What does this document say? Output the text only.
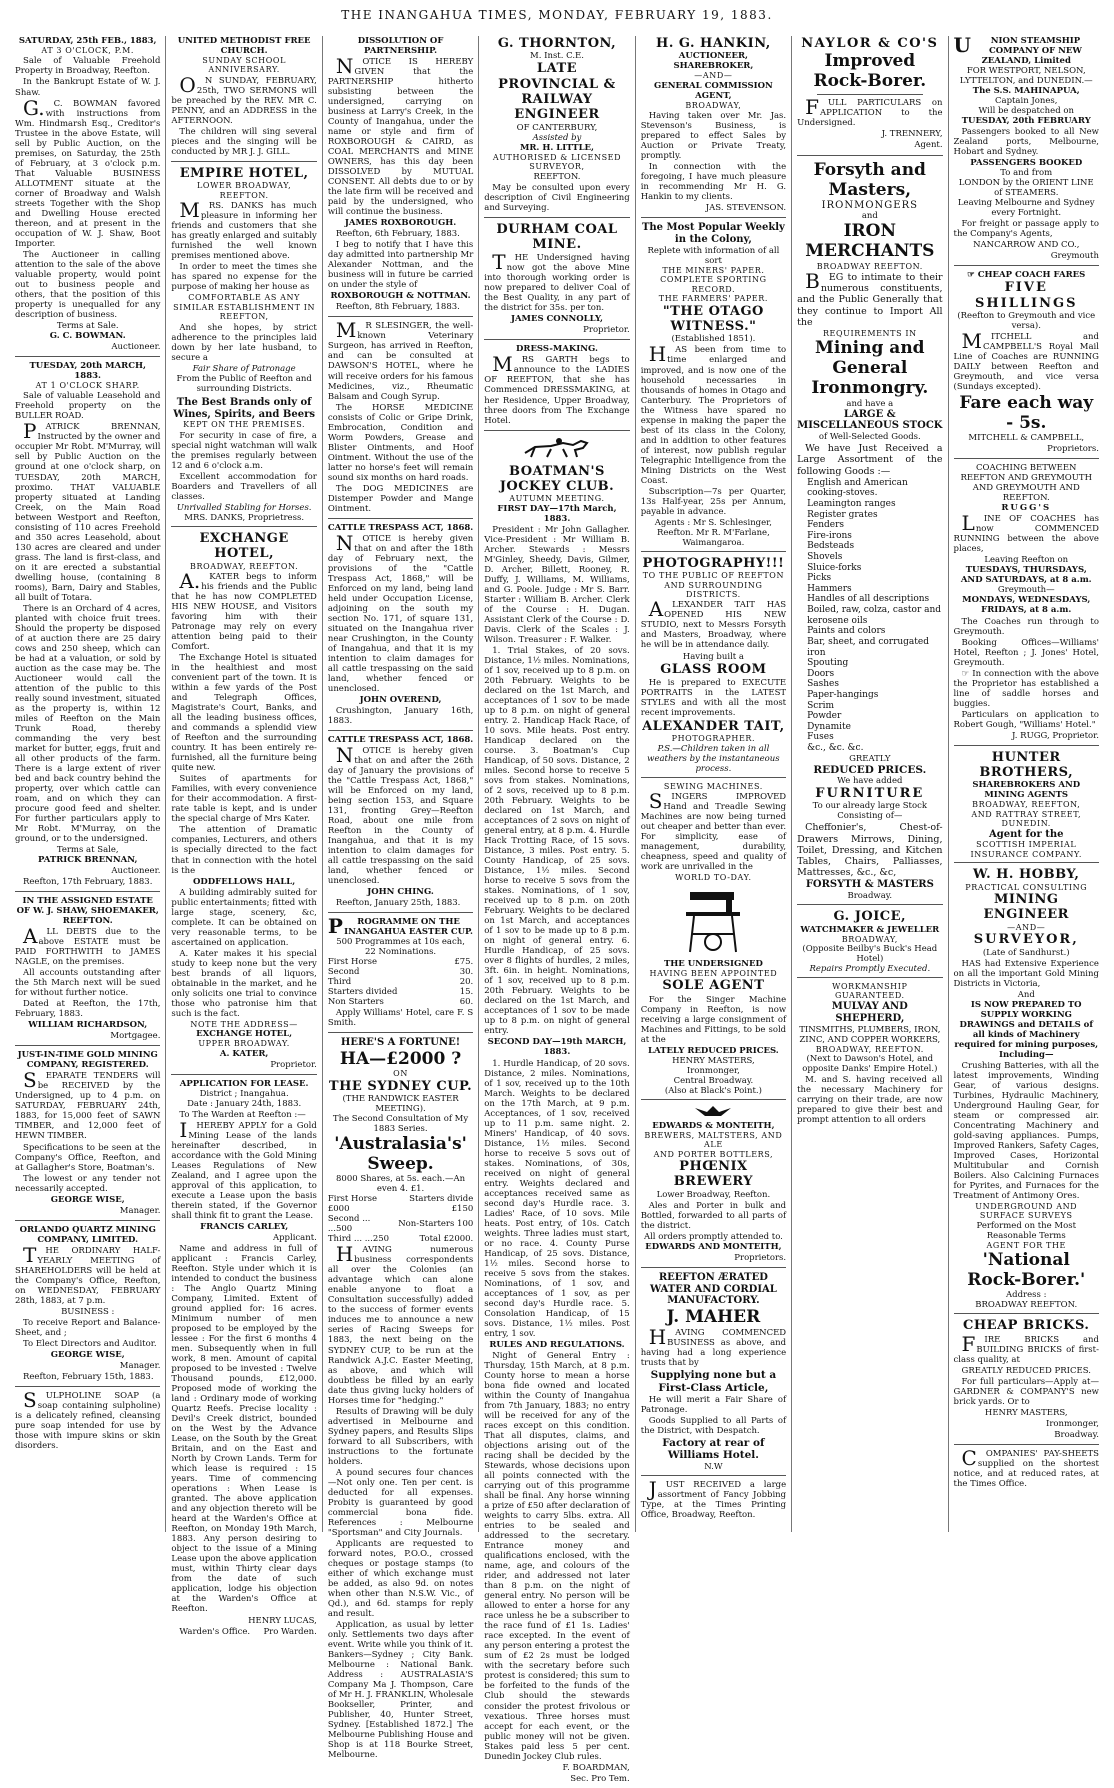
THE INANGAHUA TIMES, MONDAY, FEBRUARY 19, 1883.

SATURDAY, 25th FEB., 1883,

AT 3 O'CLOCK, P.M.

Sale of Valuable Freehold Property in Broadway, Reefton.

In the Bankrupt Estate of W. J. Shaw.

G.C. BOWMAN favored with instructions from Wm. Hindmarsh Esq., Creditor's Trustee in the above Estate, will sell by Public Auction, on the premises, on Saturday, the 25th of February, at 3 o'clock p.m. That Valuable BUSINESS ALLOTMENT situate at the corner of Broadway and Walsh streets Together with the Shop and Dwelling House erected thereon, and at present in the occupation of W. J. Shaw, Boot Importer.

The Auctioneer in calling attention to the sale of the above valuable property, would point out to business people and others, that the position of this property is unequalled for any description of business.

Terms at Sale.

G. C. BOWMAN.

Auctioneer.

TUESDAY, 20th MARCH, 1883.

AT 1 O'CLOCK SHARP.

Sale of valuable Leasehold and Freehold property on the BULLER ROAD.

PATRICK BRENNAN, Instructed by the owner and occupier Mr Robt. M'Murray, will sell by Public Auction on the ground at one o'clock sharp, on TUESDAY, 20th MARCH, proximo. THAT VALUABLE property situated at Landing Creek, on the Main Road between Westport and Reefton, consisting of 110 acres Freehold and 350 acres Leasehold, about 130 acres are cleared and under grass. The land is first-class, and on it are erected a substantial dwelling house, (containing 8 rooms), Barn, Dairy and Stables, all built of Totara.

There is an Orchard of 4 acres, planted with choice fruit trees. Should the property be disposed of at auction there are 25 dairy cows and 250 sheep, which can be had at a valuation, or sold by auction as the case may be. The Auctioneer would call the attention of the public to this really sound investment, situated as the property is, within 12 miles of Reefton on the Main Trunk Road, thereby commanding the very best market for butter, eggs, fruit and all other products of the farm. There is a large extent of river bed and back country behind the property, over which cattle can roam, and on which they can procure good feed and shelter. For further particulars apply to Mr Robt. M'Murray, on the ground, or to the undersigned.

Terms at Sale,

PATRICK BRENNAN,

Auctioneer.

Reefton, 17th February, 1883.

IN THE ASSIGNED ESTATE OF W. J. SHAW, SHOEMAKER, REEFTON.

ALL DEBTS due to the above ESTATE must be PAID FORTHWITH to JAMES NAGLE, on the premises.

All accounts outstanding after the 5th March next will be sued for without further notice.

Dated at Reefton, the 17th, February, 1883.

WILLIAM RICHARDSON,

Mortgagee.

JUST-IN-TIME GOLD MINING COMPANY, REGISTERED.

SEPARATE TENDERS will be RECEIVED by the Undersigned, up to 4 p.m. on SATURDAY, FEBRUARY 24th, 1883, for 15,000 feet of SAWN TIMBER, and 12,000 feet of HEWN TIMBER.

Specifications to be seen at the Company's Office, Reefton, and at Gallagher's Store, Boatman's.

The lowest or any tender not necessarily accepted.

GEORGE WISE,

Manager.

ORLANDO QUARTZ MINING COMPANY, LIMITED.

THE ORDINARY HALF-YEARLY MEETING of SHAREHOLDERS will be held at the Company's Office, Reefton, on WEDNESDAY, FEBRUARY 28th, 1883, at 7 p.m.

BUSINESS :

To receive Report and Balance-Sheet, and ;

To Elect Directors and Auditor.

GEORGE WISE,

Manager.

Reefton, February 15th, 1883.

SULPHOLINE SOAP (a soap containing sulpholine) is a delicately refined, cleansing pure soap intended for use by those with impure skins or skin disorders.

UNITED METHODIST FREE CHURCH.

SUNDAY SCHOOL ANNIVERSARY.

ON SUNDAY, FEBRUARY, 25th, TWO SERMONS will be preached by the REV. MR C. PENNY, and an ADDRESS in the AFTERNOON.

The children will sing several pieces and the singing will be conducted by MR J. J. GILL.

EMPIRE HOTEL,

LOWER BROADWAY, REEFTON.

MRS. DANKS has much pleasure in informing her friends and customers that she has greatly enlarged and suitably furnished the well known premises mentioned above.

In order to meet the times she has spared no expense for the purpose of making her house as

COMFORTABLE AS ANY SIMILAR ESTABLISHMENT IN REEFTON,

And she hopes, by strict adherence to the principles laid down by her late husband, to secure a

Fair Share of Patronage

From the Public of Reefton and surrounding Districts.

The Best Brands only of Wines, Spirits, and Beers

KEPT ON THE PREMISES.

For security in case of fire, a special night watchman will walk the premises regularly between 12 and 6 o'clock a.m.

Excellent accommodation for Boarders and Travellers of all classes.

Unrivalled Stabling for Horses.

MRS. DANKS, Proprietress.

EXCHANGE HOTEL,

BROADWAY, REEFTON.

A.KATER begs to inform his friends and the Public that he has now COMPLETED HIS NEW HOUSE, and Visitors favoring him with their Patronage may rely on every attention being paid to their Comfort.

The Exchange Hotel is situated in the healthiest and most convenient part of the town. It is within a few yards of the Post and Telegraph Offices, Magistrate's Court, Banks, and all the leading business offices, and commands a splendid view of Reefton and the surrounding country. It has been entirely re-furnished, all the furniture being quite new.

Suites of apartments for Families, with every convenience for their accommodation. A first-rate table is kept, and is under the special charge of Mrs Kater.

The attention of Dramatic companies, Lecturers, and others is specially directed to the fact that in connection with the hotel is the

ODDFELLOWS HALL,

A building admirably suited for public entertainments; fitted with large stage, scenery, &c, complete. It can be obtained on very reasonable terms, to be ascertained on application.

A. Kater makes it his special study to keep none but the very best brands of all liquors, obtainable in the market, and he only solicits one trial to convince those who patronise him that such is the fact.

NOTE THE ADDRESS—

EXCHANGE HOTEL,

UPPER BROADWAY.

A. KATER,

Proprietor.

APPLICATION FOR LEASE.

District ; Inangahua.

Date : January 24th, 1883.

To The Warden at Reefton :—

IHEREBY APPLY for a Gold Mining Lease of the lands hereinafter described, in accordance with the Gold Mining Leases Regulations of New Zealand, and I agree upon the approval of this application, to execute a Lease upon the basis therein stated, if the Governor shall think fit to grant the Lease.

FRANCIS CARLEY,

Applicant.

Name and address in full of applicant : Francis Carley, Reefton. Style under which it is intended to conduct the business : The Anglo Quartz Mining Company, Limited. Extent of ground applied for: 16 acres. Minimum number of men proposed to be employed by the lessee : For the first 6 months 4 men. Subsequently when in full work, 8 men. Amount of capital proposed to be invested : Twelve Thousand pounds, £12,000. Proposed mode of working the land : Ordinary mode of working Quartz Reefs. Precise locality : Devil's Creek district, bounded on the West by the Advance Lease, on the South by the Great Britain, and on the East and North by Crown Lands. Term for which lease is required : 15 years. Time of commencing operations : When Lease is granted. The above application and any objection thereto will be heard at the Warden's Office at Reefton, on Monday 19th March, 1883. Any person desiring to object to the issue of a Mining Lease upon the above application must, within Thirty clear days from the date of such application, lodge his objection at the Warden's Office at Reefton.

HENRY LUCAS,

Warden's Office.	Pro Warden.

DISSOLUTION OF PARTNERSHIP.

NOTICE IS HEREBY GIVEN that the PARTNERSHIP hitherto subsisting between the undersigned, carrying on business at Larry's Creek, in the County of Inangahua, under the name or style and firm of ROXBOROUGH & CAIRD, as COAL MERCHANTS and MINE OWNERS, has this day been DISSOLVED by MUTUAL CONSENT. All debts due to or by the late firm will be received and paid by the undersigned, who will continue the business.

JAMES ROXBOROUGH.

Reefton, 6th February, 1883.

I beg to notify that I have this day admitted into partnership Mr Alexander Nottman, and the business will in future be carried on under the style of

ROXBOROUGH & NOTTMAN.

Reefton, 8th February, 1883.

MR SLESINGER, the well-known Veterinary Surgeon, has arrived in Reefton, and can be consulted at DAWSON'S HOTEL, where he will receive orders for his famous Medicines, viz., Rheumatic Balsam and Cough Syrup.

The HORSE MEDICINE consists of Colic or Gripe Drink, Embrocation, Condition and Worm Powders, Grease and Blister Ointments, and Hoof Ointment. Without the use of the latter no horse's feet will remain sound six months on hard roads.

The DOG MEDICINES are Distemper Powder and Mange Ointment.

CATTLE TRESPASS ACT, 1868.

NOTICE is hereby given that on and after the 18th day of February next, the provisions of the "Cattle Trespass Act, 1868," will be Enforced on my land, being land held under Occupation License, adjoining on the south my section No. 171, of square 131, situated on the Inangahua river near Crushington, in the County of Inangahua, and that it is my intention to claim damages for all cattle trespassing on the said land, whether fenced or unenclosed.

JOHN OVEREND,

Crushington, January 16th, 1883.

CATTLE TRESPASS ACT, 1868.

NOTICE is hereby given that on and after the 26th day of January the provisions of the "Cattle Trespass Act, 1868," will be Enforced on my land, being section 153, and Square 131, fronting Grey—Reefton Road, about one mile from Reefton in the County of Inangahua, and that it is my intention to claim damages for all cattle trespassing on the said land, whether fenced or unenclosed.

JOHN CHING.

Reefton, January 25th, 1883.

PROGRAMME ON THE INANGAHUA EASTER CUP.

500 Programmes at 10s each,

22 Nominations.

First Horse	£75.
Second	30.
Third	20.
Starters divided	15.
Non Starters	60.

Apply Williams' Hotel, care F. S Smith.

HERE'S A FORTUNE!

HA—£2000 ?

ON

THE SYDNEY CUP.

(THE RANDWICK EASTER MEETING).

The Second Consultation of My 1883 Series.

'Australasia's' Sweep.

8000 Shares, at 5s. each.—An even 4. £1.

First Horse £000	Starters divide £150
Second ... ...500	Non-Starters 100
Third ... ...250	Total £2000.

HAVING numerous business correspondents all over the Colonies (an advantage which can alone enable anyone to float a Consultation successfully) added to the success of former events induces me to announce a new series of Racing Sweeps for 1883, the next being on the SYDNEY CUP, to be run at the Randwick A.J.C. Easter Meeting, as above, and which will doubtless be filled by an early date thus giving lucky holders of Horses time for "hedging."

Results of Drawing will be duly advertised in Melbourne and Sydney papers, and Results Slips forward to all Subscribers, with instructions to the fortunate holders.

A pound secures four chances—Not only one. Ten per cent. is deducted for all expenses. Probity is guaranteed by good commercial bona fide. References : Melbourne "Sportsman" and City Journals.

Applicants are requested to forward notes, P.O.O., crossed cheques or postage stamps (to either of which exchange must be added, as also 9d. on notes when other than N.S.W. Vic., of Qd.), and 6d. stamps for reply and result.

Application, as usual by letter only. Settlements two days after event. Write while you think of it. Bankers—Sydney ; City Bank. Melbourne : National Bank. Address : AUSTRALASIA'S Company Ma J. Thompson, Care of Mr H. J. FRANKLIN, Wholesale Bookseller, Printer, and Publisher, 40, Hunter Street, Sydney. [Established 1872.] The Melbourne Publishing House and Shop is at 118 Bourke Street, Melbourne.

G. THORNTON,

M. Inst. C.E.

LATE PROVINCIAL & RAILWAY ENGINEER

OF CANTERBURY,

Assisted by

MR. H. LITTLE,

AUTHORISED & LICENSED SURVEYOR,

REEFTON.

May be consulted upon every description of Civil Engineering and Surveying.

DURHAM COAL MINE.

THE Undersigned having now got the above Mine into thorough working order is now prepared to deliver Coal of the Best Quality, in any part of the district for 35s. per ton.

JAMES CONNOLLY,

Proprietor.

DRESS-MAKING.

MRS GARTH begs to announce to the LADIES OF REEFTON, that she has Commenced DRESSMAKING, at her Residence, Upper Broadway, three doors from The Exchange Hotel.

BOATMAN'S JOCKEY CLUB.

AUTUMN MEETING.

FIRST DAY—17th March, 1883.

President : Mr John Gallagher. Vice-President : Mr William B. Archer. Stewards : Messrs M'Ginley, Sheedy, Davis, Gilmer, D. Archer, Billett, Rooney, R. Duffy, J. Williams, M. Williams, and G. Poole. Judge : Mr S. Barr. Starter : William B. Archer. Clerk of the Course : H. Dugan. Assistant Clerk of the Course : D. Davis. Clerk of the Scales : J. Wilson. Treasurer : F. Walker.

1. Trial Stakes, of 20 sovs. Distance, 1½ miles. Nominations, of 1 sov, received up to 8 p.m. on 20th February. Weights to be declared on the 1st March, and acceptances of 1 sov to be made up to 8 p.m. on night of general entry. 2. Handicap Hack Race, of 10 sovs. Mile heats. Post entry. Handicap declared on the course. 3. Boatman's Cup Handicap, of 50 sovs. Distance, 2 miles. Second horse to receive 5 sovs from stakes. Nominations, of 2 sovs, received up to 8 p.m. 20th February. Weights to be declared on 1st March, and acceptances of 2 sovs on night of general entry, at 8 p.m. 4. Hurdle Hack Trotting Race, of 15 sovs. Distance, 3 miles. Post entry. 5. County Handicap, of 25 sovs. Distance, 1½ miles. Second horse to receive 5 sovs from the stakes. Nominations, of 1 sov, received up to 8 p.m. on 20th February. Weights to be declared on 1st March, and acceptances of 1 sov to be made up to 8 p.m. on night of general entry. 6. Hurdle Handicap, of 25 sovs. over 8 flights of hurdles, 2 miles, 3ft. 6in. in height. Nominations, of 1 sov, received up to 8 p.m. 20th February. Weights to be declared on the 1st March, and acceptances of 1 sov to be made up to 8 p.m. on night of general entry.

SECOND DAY—19th MARCH, 1883.

1. Hurdle Handicap, of 20 sovs. Distance, 2 miles. Nominations, of 1 sov, received up to the 10th March. Weights to be declared on the 17th March, at 9 p.m. Acceptances, of 1 sov, received up to 11 p.m. same night. 2. Miners' Handicap, of 40 sovs. Distance, 1½ miles. Second horse to receive 5 sovs out of stakes. Nominations, of 30s, received on night of general entry. Weights declared and acceptances received same as second day's Hurdle race. 3. Ladies' Race, of 10 sovs. Mile heats. Post entry, of 10s. Catch weights. Three ladies must start, or no race. 4. County Purse Handicap, of 25 sovs. Distance, 1½ miles. Second horse to receive 5 sovs from the stakes. Nominations, of 1 sov, and acceptances of 1 sov, as per second day's Hurdle race. 5. Consolation Handicap, of 15 sovs. Distance, 1½ miles. Post entry, 1 sov.

RULES AND REGULATIONS.

Night of General Entry : Thursday, 15th March, at 8 p.m. County horse to mean a horse bona fide owned and located within the County of Inangahua from 7th January, 1883; no entry will be received for any of the races except on this condition. That all disputes, claims, and objections arising out of the racing shall be decided by the Stewards, whose decisions upon all points connected with the carrying out of this programme shall be final. Any horse winning a prize of £50 after declaration of weights to carry 5lbs. extra. All entries to be sealed and addressed to the secretary. Entrance money and qualifications enclosed, with the name, age, and colours of the rider, and addressed not later than 8 p.m. on the night of general entry. No person will be allowed to enter a horse for any race unless he be a subscriber to the race fund of £1 1s. Ladies' race excepted. In the event of any person entering a protest the sum of £2 2s must be lodged with the secretary before such protest is considered; this sum to be forfeited to the funds of the Club should the stewards consider the protest frivolous or vexatious. Three horses must accept for each event, or the public money will not be given. Stakes paid less 5 per cent. Dunedin Jockey Club rules.

F. BOARDMAN,

Sec. Pro Tem.

H. G. HANKIN,

AUCTIONEER, SHAREBROKER,

—AND—

GENERAL COMMISSION AGENT,

BROADWAY,

Having taken over Mr. Jas. Stevenson's Business, is prepared to effect Sales by Auction or Private Treaty, promptly.

In connection with the foregoing, I have much pleasure in recommending Mr H. G. Hankin to my clients.

JAS. STEVENSON.

The Most Popular Weekly in the Colony,

Replete with information of all sort

THE MINERS' PAPER.

COMPLETE SPORTING RECORD.

THE FARMERS' PAPER.

"THE OTAGO WITNESS."

(Established 1851).

HAS been from time to time enlarged and improved, and is now one of the household necessaries in thousands of homes in Otago and Canterbury. The Proprietors of the Witness have spared no expense in making the paper the best of its class in the Colony, and in addition to other features of interest, now publish regular Telegraphic Intelligence from the Mining Districts on the West Coast.

Subscription—7s per Quarter, 13s Half-year, 25s per Annum, payable in advance.

Agents : Mr S. Schlesinger, Reefton. Mr R. M'Farlane, Waimangaroa.

PHOTOGRAPHY!!!

TO THE PUBLIC OF REEFTON AND SURROUNDING DISTRICTS.

ALEXANDER TAIT HAS OPENED HIS NEW STUDIO, next to Messrs Forsyth and Masters, Broadway, where he will be in attendance daily.

Having built a

GLASS ROOM

He is prepared to EXECUTE PORTRAITS in the LATEST STYLES and with all the most recent improvements.

ALEXANDER TAIT,

PHOTOGRAPHER.

P.S.—Children taken in all weathers by the instantaneous process.

SEWING MACHINES.

SINGERS IMPROVED Hand and Treadle Sewing Machines are now being turned out cheaper and better than ever. For simplicity, ease of management, durability, cheapness, speed and quality of work are unrivalled in the

WORLD TO-DAY.

THE UNDERSIGNED

HAVING BEEN APPOINTED

SOLE AGENT

For the Singer Machine Company in Reefton, is now receiving a large consignment of Machines and Fittings, to be sold at the

LATELY REDUCED PRICES.

HENRY MASTERS,

Ironmonger,

Central Broadway.

(Also at Black's Point.)

EDWARDS & MONTEITH,

BREWERS, MALTSTERS, AND ALE

AND PORTER BOTTLERS,

PHŒNIX BREWERY

Lower Broadway, Reefton.

Ales and Porter in bulk and Bottled, forwarded to all parts of the district.

All orders promptly attended to.

EDWARDS AND MONTEITH,

Proprietors.

REEFTON ÆRATED WATER AND CORDIAL MANUFACTORY.

J. MAHER

HAVING COMMENCED BUSINESS as above, and having had a long experience trusts that by

Supplying none but a First-Class Article,

He will merit a Fair Share of Patronage.

Goods Supplied to all Parts of the District, with Despatch.

Factory at rear of Williams Hotel.

N.W

JUST RECEIVED a large assortment of Fancy Jobbing Type, at the Times Printing Office, Broadway, Reefton.

NAYLOR & CO'S

Improved Rock-Borer.

FULL PARTICULARS on APPLICATION to the Undersigned.

J. TRENNERY,

Agent.

Forsyth and Masters,

IRONMONGERS

and

IRON MERCHANTS

BROADWAY REEFTON.

BEG to intimate to their numerous constituents, and the Public Generally that they continue to Import All the

REQUIREMENTS IN

Mining and General Ironmongry.

and have a

LARGE & MISCELLANEOUS STOCK

of Well-Selected Goods.

We have Just Received a Large Assortment of the following Goods :—

English and American cooking-stoves.

Leamington ranges

Register grates

Fenders

Fire-irons

Bedsteads

Shovels

Sluice-forks

Picks

Hammers

Handles of all descriptions

Boiled, raw, colza, castor and kerosene oils

Paints and colors

Bar, sheet, and corrugated iron

Spouting

Doors

Sashes

Paper-hangings

Scrim

Powder

Dynamite

Fuses

&c., &c. &c.

GREATLY

REDUCED PRICES.

We have added

FURNITURE

To our already large Stock Consisting of—

Cheffonier's, Chest-of-Drawers Mirrows, Dining, Toilet, Dressing, and Kitchen Tables, Chairs, Palliasses, Mattresses, &c., &c,

FORSYTH & MASTERS

Broadway.

G. JOICE,

WATCHMAKER & JEWELLER

BROADWAY,

(Opposite Beilby's Buck's Head Hotel)

Repairs Promptly Executed.

WORKMANSHIP GUARANTEED.

MULVAY AND SHEPHERD,

TINSMITHS, PLUMBERS, IRON, ZINC, AND COPPER WORKERS,

BROADWAY, REEFTON.

(Next to Dawson's Hotel, and opposite Danks' Empire Hotel.)

M. and S. having received all the necessary Machinery for carrying on their trade, are now prepared to give their best and prompt attention to all orders

UNION STEAMSHIP COMPANY OF NEW ZEALAND, Limited

FOR WESTPORT, NELSON, LYTTELTON, and DUNEDIN.—

The S.S. MAHINAPUA,

Captain Jones,

Will be despatched on

TUESDAY, 20th FEBRUARY

Passengers booked to all New Zealand ports, Melbourne, Hobart and Sydney.

PASSENGERS BOOKED

To and from

LONDON by the ORIENT LINE of STEAMERS.

Leaving Melbourne and Sydney every Fortnight.

For freight or passage apply to the Company's Agents,

NANCARROW AND CO.,

Greymouth

☞ CHEAP COACH FARES

FIVE SHILLINGS

(Reefton to Greymouth and vice versa).

MITCHELL and CAMPBELL'S Royal Mail Line of Coaches are RUNNING DAILY between Reefton and Greymouth, and vice versa (Sundays excepted).

Fare each way - 5s.

MITCHELL & CAMPBELL,

Proprietors.

COACHING BETWEEN REEFTON AND GREYMOUTH AND GREYMOUTH AND REEFTON.

RUGG'S

LINE OF COACHES has now COMMENCED RUNNING between the above places,

Leaving Reefton on

TUESDAYS, THURSDAYS, AND SATURDAYS, at 8 a.m.

Greymouth—

MONDAYS, WEDNESDAYS, FRIDAYS, at 8 a.m.

The Coaches run through to Greymouth.

Booking Offices—Williams' Hotel, Reefton ; J. Jones' Hotel, Greymouth.

☞ In connection with the above the Proprietor has established a line of saddle horses and buggies.

Particulars on application to Robert Gough, "Williams' Hotel."

J. RUGG, Proprietor.

HUNTER BROTHERS,

SHAREBROKERS AND MINING AGENTS

BROADWAY, REEFTON,

AND RATTRAY STREET, DUNEDIN.

Agent for the

SCOTTISH IMPERIAL INSURANCE COMPANY.

W. H. HOBBY,

PRACTICAL CONSULTING

MINING ENGINEER

—AND—

SURVEYOR,

(Late of Sandhurst.)

HAS had Extensive Experience on all the important Gold Mining Districts in Victoria,

And

IS NOW PREPARED TO SUPPLY WORKING DRAWINGS and DETAILS of all kinds of Machinery required for mining purposes, Including—

Crushing Batteries, with all the latest improvements, Winding Gear, of various designs. Turbines, Hydraulic Machinery, Underground Hauling Gear, for steam or compressed air. Concentrating Machinery and gold-saving appliances. Pumps, Improved Rankers, Safety Cages, Improved Cases, Horizontal Multitubular and Cornish Boilers. Also Calcining Furnaces for Pyrites, and Furnaces for the Treatment of Antimony Ores.

UNDERGROUND AND SURFACE SURVEYS

Performed on the Most Reasonable Terms

AGENT FOR THE

'National Rock-Borer.'

Address :

BROADWAY REEFTON.

CHEAP BRICKS.

FIRE BRICKS and BUILDING BRICKS of first-class quality, at

GREATLY REDUCED PRICES.

For full particulars—Apply at— GARDNER & COMPANY'S new brick yards. Or to

HENRY MASTERS,

Ironmonger,

Broadway.

COMPANIES' PAY-SHEETS supplied on the shortest notice, and at reduced rates, at the Times Office.
